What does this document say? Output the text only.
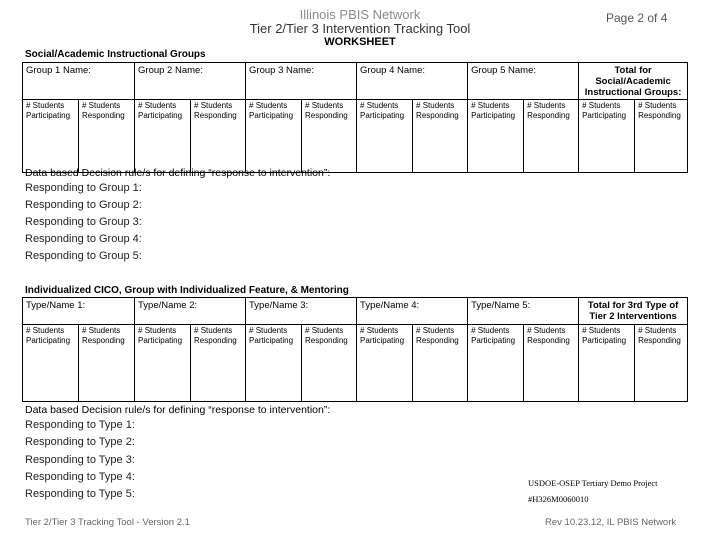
Illinois PBIS Network
Tier 2/Tier 3 Intervention Tracking Tool
WORKSHEET
Page 2 of 4
Social/Academic Instructional Groups
Group 1 Name:		Group 2 Name:		Group 3 Name:		Group 4 Name:		Group 5 Name:		Total for Social/Academic Instructional Groups:	

# Students Participating	# Students Responding	# Students Participating	# Students Responding	# Students Participating	# Students Responding	# Students Participating	# Students Responding	# Students Participating	# Students Responding	# Students Participating	# Students Responding
Data based Decision rule/s for defining “response to intervention”:
Responding to Group 1:
Responding to Group 2:
Responding to Group 3:
Responding to Group 4:
Responding to Group 5:
Individualized CICO, Group with Individualized Feature, & Mentoring
Type/Name 1:		Type/Name 2:		Type/Name 3:		Type/Name 4:		Type/Name 5:		Total for 3rd Type of Tier 2 Interventions	

# Students Participating	# Students Responding	# Students Participating	# Students Responding	# Students Participating	# Students Responding	# Students Participating	# Students Responding	# Students Participating	# Students Responding	# Students Participating	# Students Responding
Data based Decision rule/s for defining “response to intervention”:
Responding to Type 1:
Responding to Type 2:
Responding to Type 3:
Responding to Type 4:
Responding to Type 5:
USDOE-OSEP Tertiary Demo Project
#H326M0060010
Tier 2/Tier 3 Tracking Tool - Version 2.1	Rev 10.23.12, IL PBIS Network
